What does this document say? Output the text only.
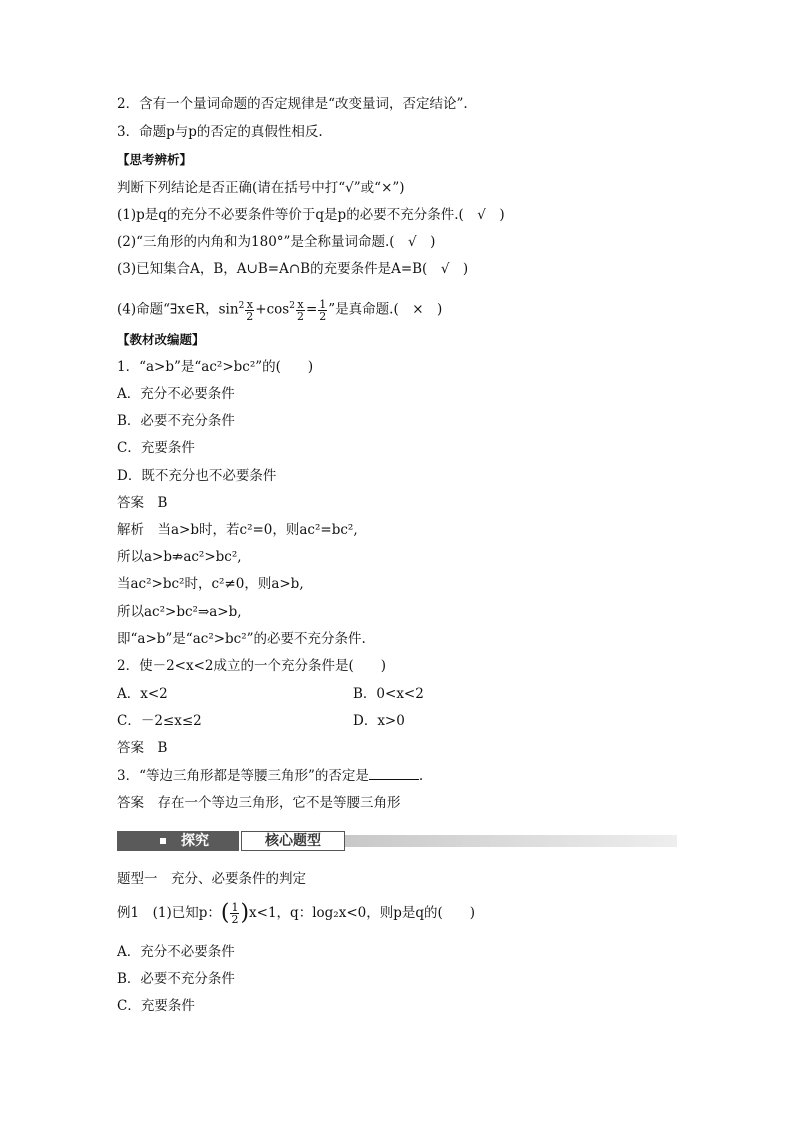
2．含有一个量词命题的否定规律是“改变量词，否定结论”.
3．命题p与p的否定的真假性相反.
【思考辨析】
判断下列结论是否正确(请在括号中打“√”或“×”)
(1)p是q的充分不必要条件等价于q是p的必要不充分条件.(　√　)
(2)“三角形的内角和为180°”是全称量词命题.(　√　)
(3)已知集合A，B，A∪B=A∩B的充要条件是A=B(　√　)
(4)命题“∃x∈R，$\sin^2 \frac{x}{2} +\cos^2 \frac{x}{2} = \frac{1}{2}$ ”是真命题.(　×　)
【教材改编题】
1．“a>b”是“ac²>bc²”的(　　)
A．充分不必要条件
B．必要不充分条件
C．充要条件
D．既不充分也不必要条件
答案　B
解析　当a>b时，若c²=0，则ac²=bc²,
所以a>b⇏ac²>bc²,
当ac²>bc²时，c²≠0，则a>b,
所以ac²>bc²⇒a>b,
即“a>b”是“ac²>bc²”的必要不充分条件.
2．使－2<x<2成立的一个充分条件是(　　)
A．x<2	B．0<x<2
C．－2≤x≤2	D．x>0
答案　B
3．“等边三角形都是等腰三角形”的否定是	.
答案　存在一个等边三角形，它不是等腰三角形
探究	核心题型
题型一　充分、必要条件的判定
例1　(1)已知p：( $\frac{1}{2} )x<1$，q：log₂x<0，则p是q的(　　)
A．充分不必要条件
B．必要不充分条件
C．充要条件
